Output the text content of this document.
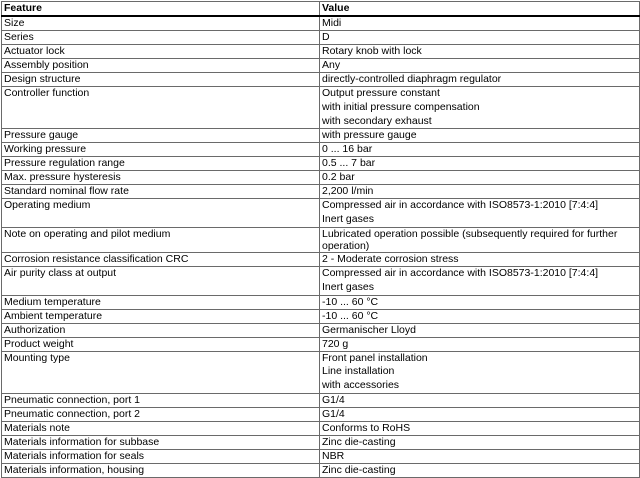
Feature	Value
Size	Midi
Series	D
Actuator lock	Rotary knob with lock
Assembly position	Any
Design structure	directly-controlled diaphragm regulator
Controller function	Output pressure constant
with initial pressure compensation
with secondary exhaust

Pressure gauge	with pressure gauge
Working pressure	0 ... 16 bar
Pressure regulation range	0.5 ... 7 bar
Max. pressure hysteresis	0.2 bar
Standard nominal flow rate	2,200 l/min
Operating medium	Compressed air in accordance with ISO8573-1:2010 [7:4:4]
Inert gases

Note on operating and pilot medium	Lubricated operation possible (subsequently required for further operation)
Corrosion resistance classification CRC	2 - Moderate corrosion stress
Air purity class at output	Compressed air in accordance with ISO8573-1:2010 [7:4:4]
Inert gases

Medium temperature	-10 ... 60 °C
Ambient temperature	-10 ... 60 °C
Authorization	Germanischer Lloyd
Product weight	720 g
Mounting type	Front panel installation
Line installation
with accessories

Pneumatic connection, port 1	G1/4
Pneumatic connection, port 2	G1/4
Materials note	Conforms to RoHS
Materials information for subbase	Zinc die-casting
Materials information for seals	NBR
Materials information, housing	Zinc die-casting
